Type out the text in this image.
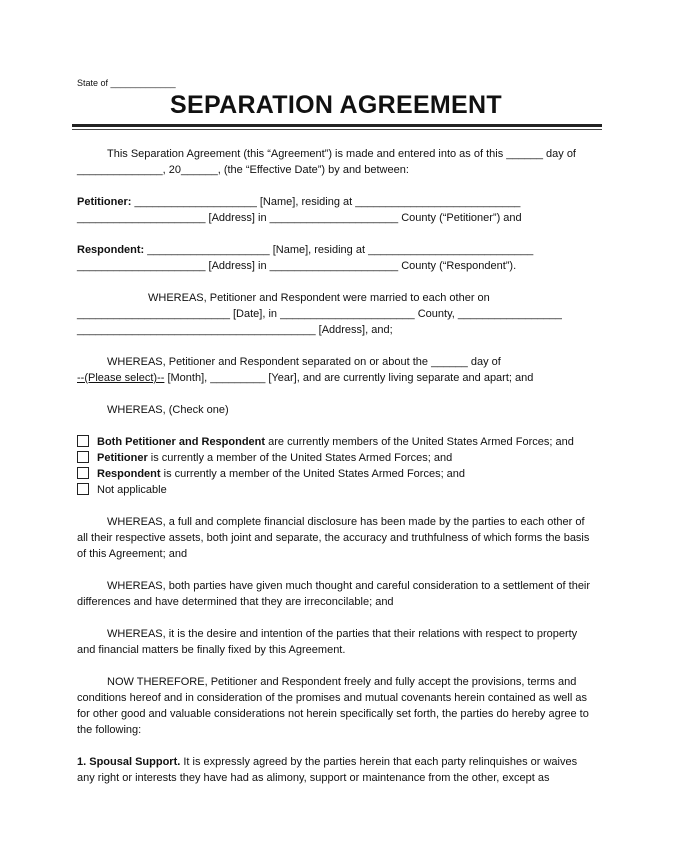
State of _____________
SEPARATION AGREEMENT
This Separation Agreement (this “Agreement”) is made and entered into as of this ______ day of
______________, 20______, (the “Effective Date”) by and between:
Petitioner: ____________________ [Name], residing at ___________________________
_____________________ [Address] in _____________________ County (“Petitioner”) and
Respondent: ____________________ [Name], residing at ___________________________
_____________________ [Address] in _____________________ County (“Respondent”).
WHEREAS, Petitioner and Respondent were married to each other on
_________________________ [Date], in ______________________ County, _________________
_______________________________________ [Address], and;
WHEREAS, Petitioner and Respondent separated on or about the ______ day of
--(Please select)-- [Month], _________ [Year], and are currently living separate and apart; and
WHEREAS, (Check one)
Both Petitioner and Respondent are currently members of the United States Armed Forces; and
Petitioner is currently a member of the United States Armed Forces; and
Respondent is currently a member of the United States Armed Forces; and
Not applicable
WHEREAS, a full and complete financial disclosure has been made by the parties to each other of
all their respective assets, both joint and separate, the accuracy and truthfulness of which forms the basis
of this Agreement; and
WHEREAS, both parties have given much thought and careful consideration to a settlement of their
differences and have determined that they are irreconcilable; and
WHEREAS, it is the desire and intention of the parties that their relations with respect to property
and financial matters be finally fixed by this Agreement.
NOW THEREFORE, Petitioner and Respondent freely and fully accept the provisions, terms and
conditions hereof and in consideration of the promises and mutual covenants herein contained as well as
for other good and valuable considerations not herein specifically set forth, the parties do hereby agree to
the following:
1. Spousal Support. It is expressly agreed by the parties herein that each party relinquishes or waives
any right or interests they have had as alimony, support or maintenance from the other, except as
